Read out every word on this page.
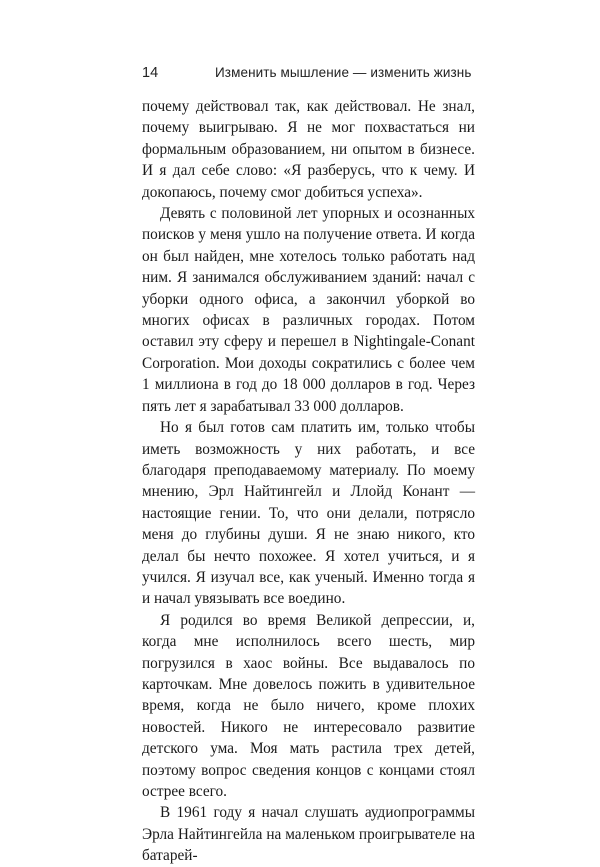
14	Изменить мышление — изменить жизнь

почему действовал так, как действовал. Не знал, почему выигрываю. Я не мог похвастаться ни формальным образованием, ни опытом в бизнесе. И я дал себе слово: «Я разберусь, что к чему. И докопаюсь, почему смог добиться успеха».

Девять с половиной лет упорных и осознанных поисков у меня ушло на получение ответа. И когда он был найден, мне хотелось только работать над ним. Я занимался обслуживанием зданий: начал с уборки одного офиса, а закончил уборкой во многих офисах в различных городах. Потом оставил эту сферу и перешел в Nightingale-Conant Corporation. Мои доходы сократились с более чем 1 миллиона в год до 18 000 долларов в год. Через пять лет я зарабатывал 33 000 долларов.

Но я был готов сам платить им, только чтобы иметь возможность у них работать, и все благодаря преподаваемому материалу. По моему мнению, Эрл Найтингейл и Ллойд Конант — настоящие гении. То, что они делали, потрясло меня до глубины души. Я не знаю никого, кто делал бы нечто похожее. Я хотел учиться, и я учился. Я изучал все, как ученый. Именно тогда я и начал увязывать все воедино.

Я родился во время Великой депрессии, и, когда мне исполнилось всего шесть, мир погрузился в хаос войны. Все выдавалось по карточкам. Мне довелось пожить в удивительное время, когда не было ничего, кроме плохих новостей. Никого не интересовало развитие детского ума. Моя мать растила трех детей, поэтому вопрос сведения концов с концами стоял острее всего.

В 1961 году я начал слушать аудиопрограммы Эрла Найтингейла на маленьком проигрывателе на батарей-
